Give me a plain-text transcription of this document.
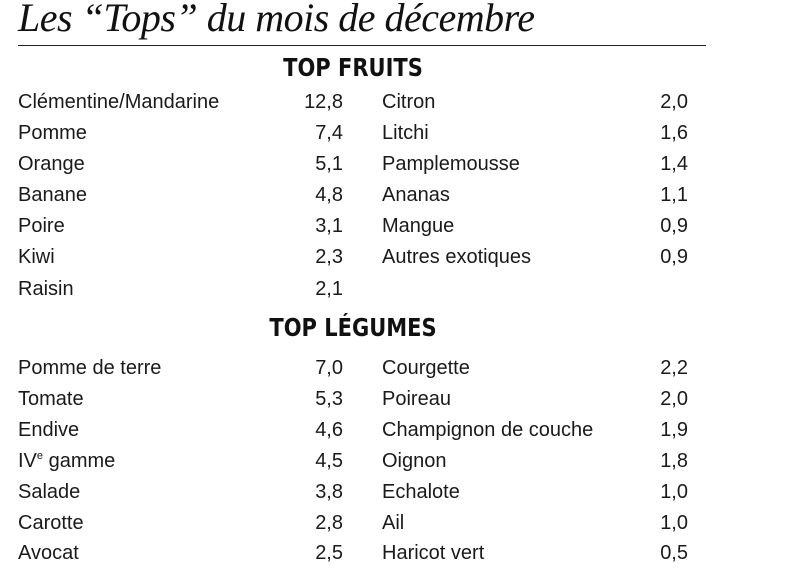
Les “Tops” du mois de décembre
TOP FRUITS
Clémentine/Mandarine	12,8 Citron	2,0
Pomme	7,4 Litchi	1,6
Orange	5,1 Pamplemousse	1,4
Banane	4,8 Ananas	1,1
Poire	3,1 Mangue	0,9
Kiwi	2,3 Autres exotiques	0,9
Raisin	2,1
TOP LÉGUMES
Pomme de terre	7,0 Courgette	2,2
Tomate	5,3 Poireau	2,0
Endive	4,6 Champignon de couche	1,9
IVe gamme	4,5 Oignon	1,8
Salade	3,8 Echalote	1,0
Carotte	2,8 Ail	1,0
Avocat	2,5 Haricot vert	0,5
